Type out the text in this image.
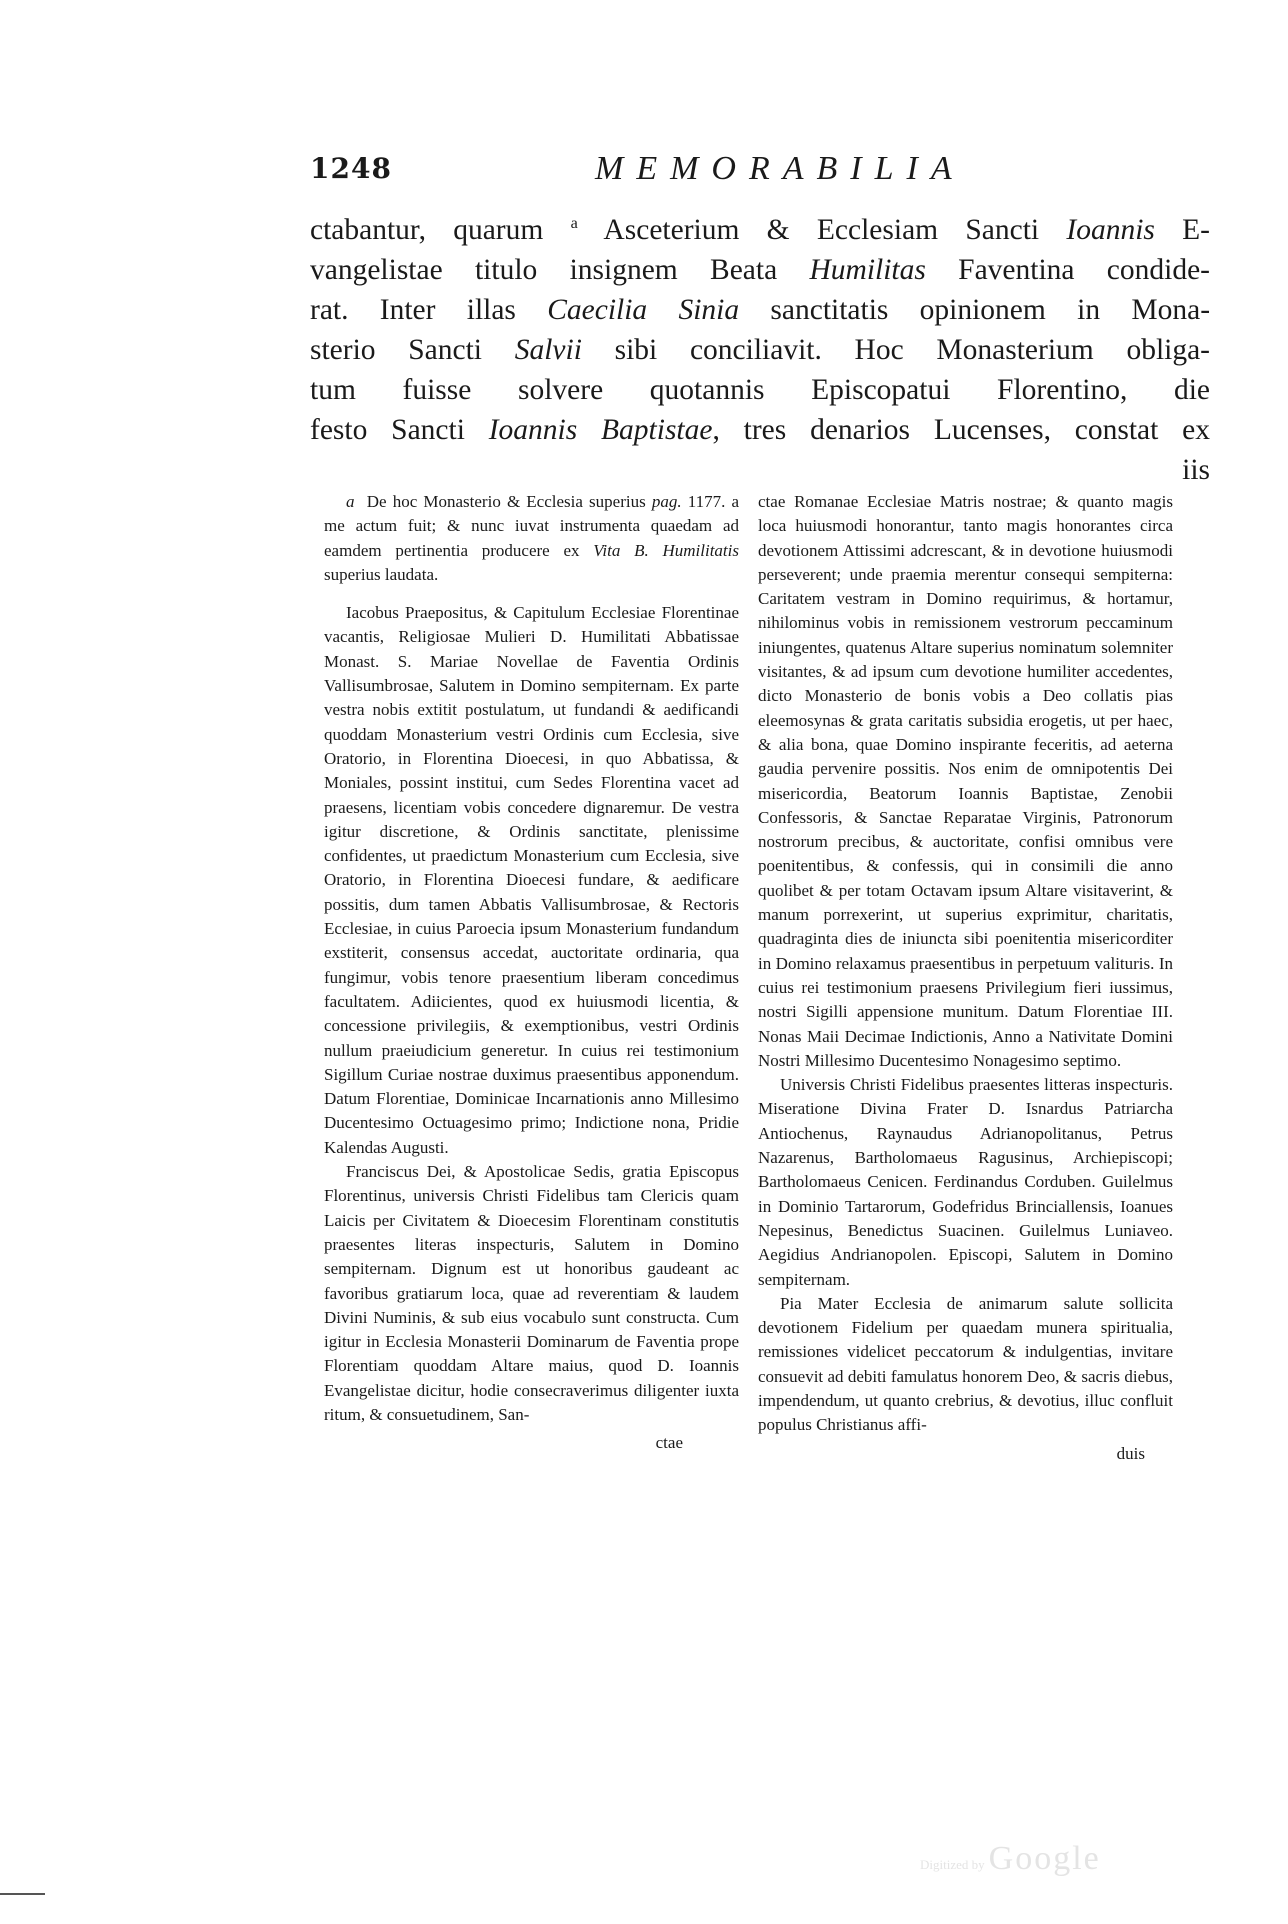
1248	MEMORABILIA
ctabantur, quarum $^a$ Asceterium & Ecclesiam Sancti Ioannis E-
vangelistae titulo insignem Beata Humilitas Faventina condide-
rat. Inter illas Caecilia Sinia sanctitatis opinionem in Mona-
sterio Sancti Salvii sibi conciliavit. Hoc Monasterium obliga-
tum fuisse solvere quotannis Episcopatui Florentino, die
festo Sancti Ioannis Baptistae, tres denarios Lucenses, constat ex
iis

a De hoc Monasterio & Ecclesia superius pag. 1177. a me actum fuit; & nunc iuvat instrumenta quaedam ad eamdem pertinentia producere ex Vita B. Humilitatis superius laudata.

Iacobus Praepositus, & Capitulum Ecclesiae Florentinae vacantis, Religiosae Mulieri D. Humilitati Abbatissae Monast. S. Mariae Novellae de Faventia Ordinis Vallisumbrosae, Salutem in Domino sempiternam. Ex parte vestra nobis extitit postulatum, ut fundandi & aedificandi quoddam Monasterium vestri Ordinis cum Ecclesia, sive Oratorio, in Florentina Dioecesi, in quo Abbatissa, & Moniales, possint institui, cum Sedes Florentina vacet ad praesens, licentiam vobis concedere dignaremur. De vestra igitur discretione, & Ordinis sanctitate, plenissime confidentes, ut praedictum Monasterium cum Ecclesia, sive Oratorio, in Florentina Dioecesi fundare, & aedificare possitis, dum tamen Abbatis Vallisumbrosae, & Rectoris Ecclesiae, in cuius Paroecia ipsum Monasterium fundandum exstiterit, consensus accedat, auctoritate ordinaria, qua fungimur, vobis tenore praesentium liberam concedimus facultatem. Adiicientes, quod ex huiusmodi licentia, & concessione privilegiis, & exemptionibus, vestri Ordinis nullum praeiudicium generetur. In cuius rei testimonium Sigillum Curiae nostrae duximus praesentibus apponendum. Datum Florentiae, Dominicae Incarnationis anno Millesimo Ducentesimo Octuagesimo primo; Indictione nona, Pridie Kalendas Augusti.

Franciscus Dei, & Apostolicae Sedis, gratia Episcopus Florentinus, universis Christi Fidelibus tam Clericis quam Laicis per Civitatem & Dioecesim Florentinam constitutis praesentes literas inspecturis, Salutem in Domino sempiternam. Dignum est ut honoribus gaudeant ac favoribus gratiarum loca, quae ad reverentiam & laudem Divini Numinis, & sub eius vocabulo sunt constructa. Cum igitur in Ecclesia Monasterii Dominarum de Faventia prope Florentiam quoddam Altare maius, quod D. Ioannis Evangelistae dicitur, hodie consecraverimus diligenter iuxta ritum, & consuetudinem, San-

ctae

ctae Romanae Ecclesiae Matris nostrae; & quanto magis loca huiusmodi honorantur, tanto magis honorantes circa devotionem Attissimi adcrescant, & in devotione huiusmodi perseverent; unde praemia merentur consequi sempiterna: Caritatem vestram in Domino requirimus, & hortamur, nihilominus vobis in remissionem vestrorum peccaminum iniungentes, quatenus Altare superius nominatum solemniter visitantes, & ad ipsum cum devotione humiliter accedentes, dicto Monasterio de bonis vobis a Deo collatis pias eleemosynas & grata caritatis subsidia erogetis, ut per haec, & alia bona, quae Domino inspirante feceritis, ad aeterna gaudia pervenire possitis. Nos enim de omnipotentis Dei misericordia, Beatorum Ioannis Baptistae, Zenobii Confessoris, & Sanctae Reparatae Virginis, Patronorum nostrorum precibus, & auctoritate, confisi omnibus vere poenitentibus, & confessis, qui in consimili die anno quolibet & per totam Octavam ipsum Altare visitaverint, & manum porrexerint, ut superius exprimitur, charitatis, quadraginta dies de iniuncta sibi poenitentia misericorditer in Domino relaxamus praesentibus in perpetuum valituris. In cuius rei testimonium praesens Privilegium fieri iussimus, nostri Sigilli appensione munitum. Datum Florentiae III. Nonas Maii Decimae Indictionis, Anno a Nativitate Domini Nostri Millesimo Ducentesimo Nonagesimo septimo.

Universis Christi Fidelibus praesentes litteras inspecturis. Miseratione Divina Frater D. Isnardus Patriarcha Antiochenus, Raynaudus Adrianopolitanus, Petrus Nazarenus, Bartholomaeus Ragusinus, Archiepiscopi; Bartholomaeus Cenicen. Ferdinandus Corduben. Guilelmus in Dominio Tartarorum, Godefridus Brinciallensis, Ioanues Nepesinus, Benedictus Suacinen. Guilelmus Luniaveo. Aegidius Andrianopolen. Episcopi, Salutem in Domino sempiternam.

Pia Mater Ecclesia de animarum salute sollicita devotionem Fidelium per quaedam munera spiritualia, remissiones videlicet peccatorum & indulgentias, invitare consuevit ad debiti famulatus honorem Deo, & sacris diebus, impendendum, ut quanto crebrius, & devotius, illuc confluit populus Christianus affi-

duis

Digitized by Google
